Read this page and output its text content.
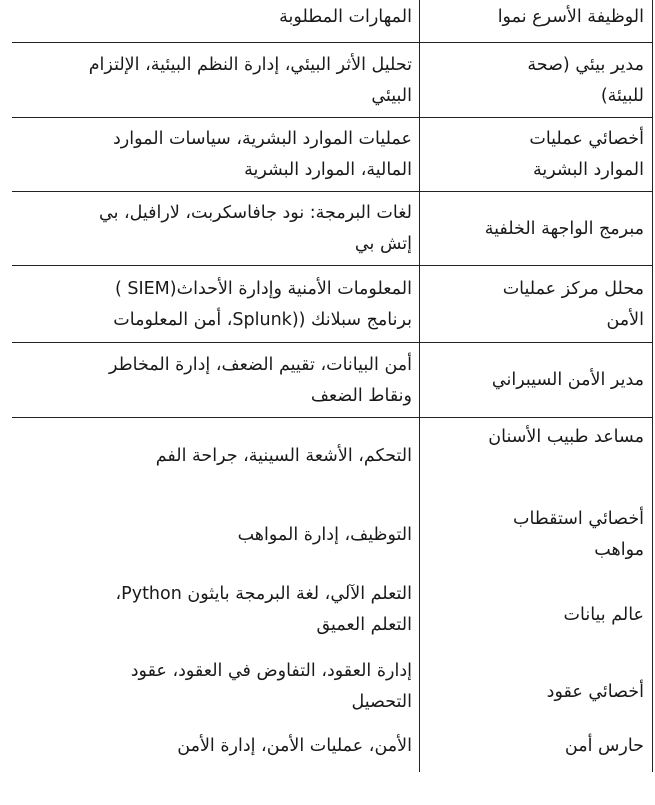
الوظيفة الأسرع نموا
المهارات المطلوبة
مدير بيئي (صحة
للبيئة)
تحليل الأثر البيئي، إدارة النظم البيئية، الإلتزام
البيئي
أخصائي عمليات
الموارد البشرية
عمليات الموارد البشرية، سياسات الموارد
المالية، الموارد البشرية
مبرمج الواجهة الخلفية
لغات البرمجة: نود جافاسكربت، لارافيل، بي
إتش بي
محلل مركز عمليات
الأمن
المعلومات الأمنية وإدارة الأحداث(SIEM )
برنامج سبلانك ((Splunk، أمن المعلومات
مدير الأمن السيبراني
أمن البيانات، تقييم الضعف، إدارة المخاطر
ونقاط الضعف
مساعد طبيب الأسنان
التحكم، الأشعة السينية، جراحة الفم
أخصائي استقطاب
مواهب
التوظيف، إدارة المواهب
عالم بيانات
التعلم الآلي، لغة البرمجة بايثون Python،
التعلم العميق
أخصائي عقود
إدارة العقود، التفاوض في العقود، عقود
التحصيل
حارس أمن
الأمن، عمليات الأمن، إدارة الأمن
